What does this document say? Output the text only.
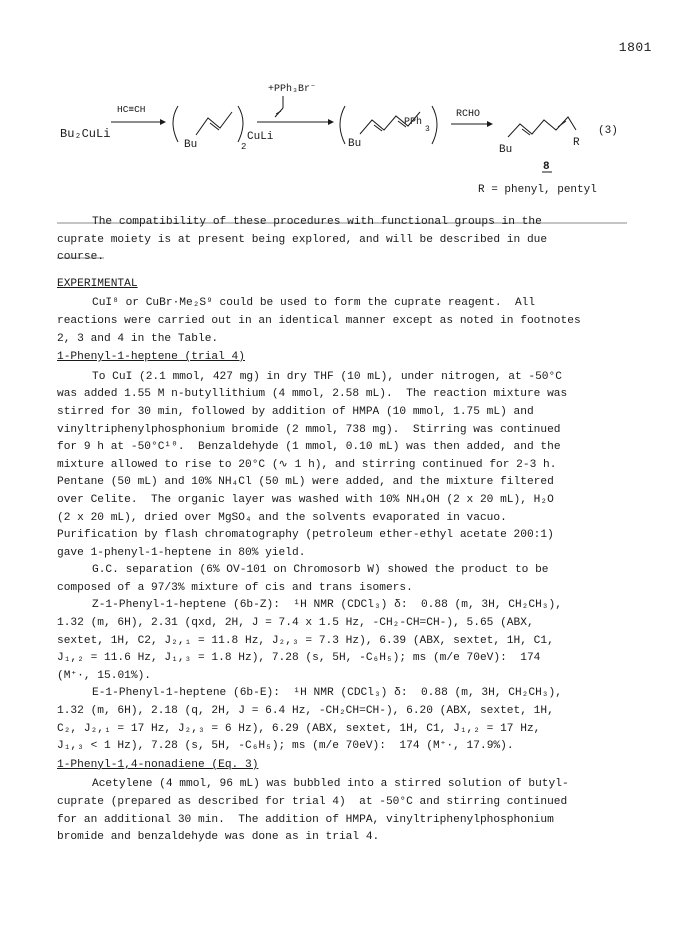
1801
Bu₂CuLi
HC≡CH
Bu	2
CuLi
+PPh₃Br⁻
Bu
PPh
3
RCHO
Bu
R
8
(3)
R = phenyl, pentyl

The compatibility of these procedures with functional groups in the

cuprate moiety is at present being explored, and will be described in due

course.

EXPERIMENTAL

CuI⁸ or CuBr·Me₂S⁹ could be used to form the cuprate reagent.  All
reactions were carried out in an identical manner except as noted in footnotes
2, 3 and 4 in the Table.

1-Phenyl-1-heptene (trial 4)

To CuI (2.1 mmol, 427 mg) in dry THF (10 mL), under nitrogen, at -50°C
was added 1.55 M n-butyllithium (4 mmol, 2.58 mL).  The reaction mixture was
stirred for 30 min, followed by addition of HMPA (10 mmol, 1.75 mL) and
vinyltriphenylphosphonium bromide (2 mmol, 738 mg).  Stirring was continued
for 9 h at -50°C¹⁰.  Benzaldehyde (1 mmol, 0.10 mL) was then added, and the
mixture allowed to rise to 20°C (∿ 1 h), and stirring continued for 2-3 h.
Pentane (50 mL) and 10% NH₄Cl (50 mL) were added, and the mixture filtered
over Celite.  The organic layer was washed with 10% NH₄OH (2 x 20 mL), H₂O
(2 x 20 mL), dried over MgSO₄ and the solvents evaporated in vacuo.
Purification by flash chromatography (petroleum ether-ethyl acetate 200:1)
gave 1-phenyl-1-heptene in 80% yield.

G.C. separation (6% OV-101 on Chromosorb W) showed the product to be
composed of a 97/3% mixture of cis and trans isomers.

Z-1-Phenyl-1-heptene (6b-Z):  ¹H NMR (CDCl₃) δ:  0.88 (m, 3H, CH₂CH₃),
1.32 (m, 6H), 2.31 (qxd, 2H, J = 7.4 x 1.5 Hz, -CH₂-CH=CH-), 5.65 (ABX,
sextet, 1H, C2, J₂,₁ = 11.8 Hz, J₂,₃ = 7.3 Hz), 6.39 (ABX, sextet, 1H, C1,
J₁,₂ = 11.6 Hz, J₁,₃ = 1.8 Hz), 7.28 (s, 5H, -C₆H₅); ms (m/e 70eV):  174
(M⁺·, 15.01%).

E-1-Phenyl-1-heptene (6b-E):  ¹H NMR (CDCl₃) δ:  0.88 (m, 3H, CH₂CH₃),
1.32 (m, 6H), 2.18 (q, 2H, J = 6.4 Hz, -CH₂CH=CH-), 6.20 (ABX, sextet, 1H,
C₂, J₂,₁ = 17 Hz, J₂,₃ = 6 Hz), 6.29 (ABX, sextet, 1H, C1, J₁,₂ = 17 Hz,
J₁,₃ < 1 Hz), 7.28 (s, 5H, -C₆H₅); ms (m/e 70eV):  174 (M⁺·, 17.9%).

1-Phenyl-1,4-nonadiene (Eq. 3)

Acetylene (4 mmol, 96 mL) was bubbled into a stirred solution of butyl-
cuprate (prepared as described for trial 4)  at -50°C and stirring continued
for an additional 30 min.  The addition of HMPA, vinyltriphenylphosphonium
bromide and benzaldehyde was done as in trial 4.
